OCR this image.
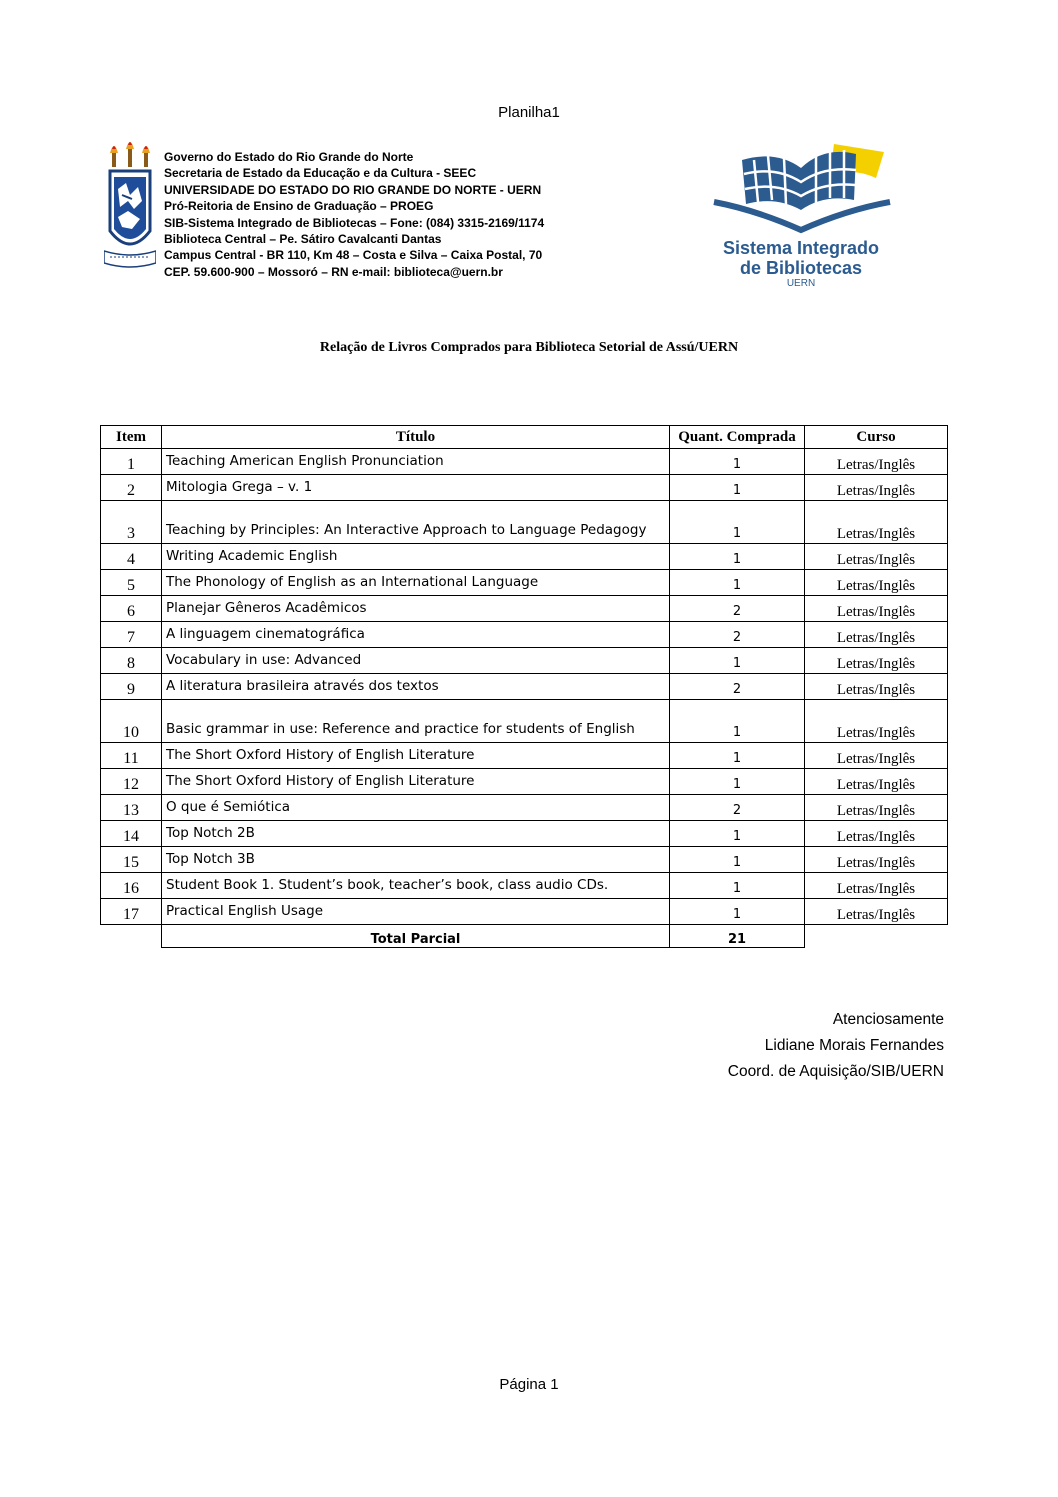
Planilha1
Governo do Estado do Rio Grande do Norte
Secretaria de Estado da Educação e da Cultura - SEEC
UNIVERSIDADE DO ESTADO DO RIO GRANDE DO NORTE - UERN
Pró-Reitoria de Ensino de Graduação – PROEG
SIB-Sistema Integrado de Bibliotecas – Fone: (084) 3315-2169/1174
Biblioteca Central – Pe. Sátiro Cavalcanti Dantas
Campus Central - BR 110, Km 48 – Costa e Silva – Caixa Postal, 70
CEP. 59.600-900 – Mossoró – RN e-mail: biblioteca@uern.br
Sistema Integrado
de Bibliotecas
UERN
Relação de Livros Comprados para Biblioteca Setorial de Assú/UERN
Item	Título	Quant. Comprada	Curso
1	Teaching American English Pronunciation	1	Letras/Inglês
2	Mitologia Grega – v. 1	1	Letras/Inglês
3	Teaching by Principles: An Interactive Approach to Language Pedagogy	1	Letras/Inglês
4	Writing Academic English	1	Letras/Inglês
5	The Phonology of English as an International Language	1	Letras/Inglês
6	Planejar Gêneros Acadêmicos	2	Letras/Inglês
7	A linguagem cinematográfica	2	Letras/Inglês
8	Vocabulary in use: Advanced	1	Letras/Inglês
9	A literatura brasileira através dos textos	2	Letras/Inglês
10	Basic grammar in use: Reference and practice for students of English	1	Letras/Inglês
11	The Short Oxford History of English Literature	1	Letras/Inglês
12	The Short Oxford History of English Literature	1	Letras/Inglês
13	O que é Semiótica	2	Letras/Inglês
14	Top Notch 2B	1	Letras/Inglês
15	Top Notch 3B	1	Letras/Inglês
16	Student Book 1. Student’s book, teacher’s book, class audio CDs.	1	Letras/Inglês
17	Practical English Usage	1	Letras/Inglês
	Total Parcial	21	
Atenciosamente
Lidiane Morais Fernandes
Coord. de Aquisição/SIB/UERN
Página 1
